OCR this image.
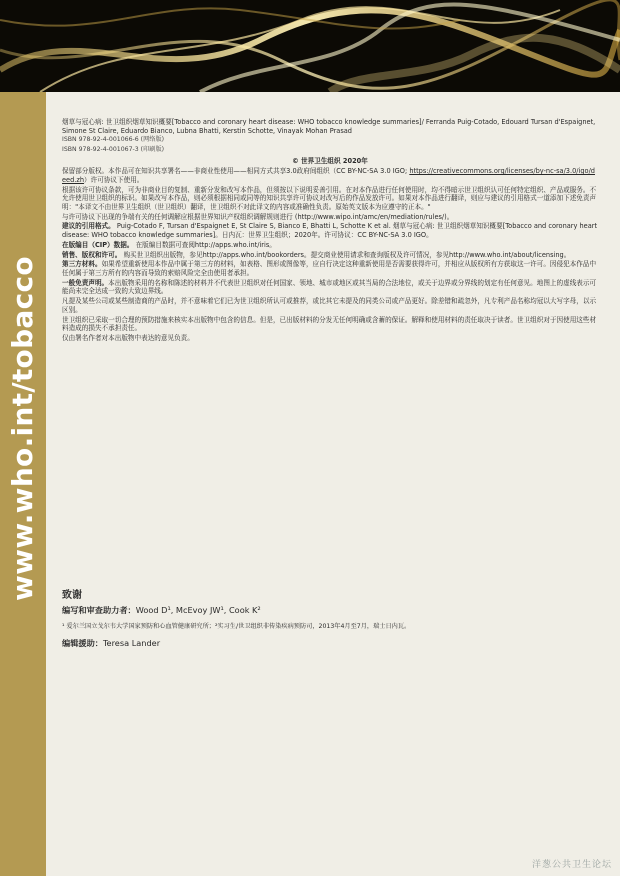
www.who.int/tobacco

烟草与冠心病: 世卫组织烟草知识概要[Tobacco and coronary heart disease: WHO tobacco knowledge summaries]/ Ferranda Puig-Cotado, Edouard Tursan d'Espaignet, Simone St Claire, Eduardo Bianco, Lubna Bhatti, Kerstin Schotte, Vinayak Mohan Prasad

ISBN 978-92-4-001066-6 (网络版)

ISBN 978-92-4-001067-3 (印刷版)

© 世界卫生组织 2020年

保留部分版权。本作品可在知识共享署名——非商业性使用——相同方式共享3.0政府间组织（CC BY-NC-SA 3.0 IGO; https://creativecommons.org/licenses/by-nc-sa/3.0/igo/deed.zh）许可协议下使用。

根据该许可协议条款，可为非商业目的复制、重新分发和改写本作品，但须按以下说明妥善引用。在对本作品进行任何使用时，均不得暗示世卫组织认可任何特定组织、产品或服务。不允许使用世卫组织的标识。如果改写本作品，则必须根据相同或同等的知识共享许可协议对改写后的作品发放许可。如果对本作品进行翻译，则应与建议的引用格式一道添加下述免责声明："本译文不由世界卫生组织（世卫组织）翻译，世卫组织不对此译文的内容或准确性负责。原始英文版本为应遵守的正本。"

与许可协议下出现的争端有关的任何调解应根据世界知识产权组织调解规则进行 (http://www.wipo.int/amc/en/mediation/rules/)。

建议的引用格式。 Puig-Cotado F, Tursan d'Espaignet E, St Claire S, Bianco E, Bhatti L, Schotte K et al. 烟草与冠心病: 世卫组织烟草知识概要[Tobacco and coronary heart disease: WHO tobacco knowledge summaries]。日内瓦：世界卫生组织；2020年。许可协议：CC BY-NC-SA 3.0 IGO。

在版编目（CIP）数据。 在版编目数据可查阅http://apps.who.int/iris。

销售、版权和许可。 购买世卫组织出版物，参见http://apps.who.int/bookorders。提交商业使用请求和查询版权及许可情况，参见http://www.who.int/about/licensing。

第三方材料。如果希望重新使用本作品中属于第三方的材料，如表格、图形或图像等，应自行决定这种重新使用是否需要获得许可，并相应从版权所有方获取这一许可。因侵犯本作品中任何属于第三方所有的内容而导致的索赔风险完全由使用者承担。

一般免责声明。本出版物采用的名称和陈述的材料并不代表世卫组织对任何国家、领地、城市或地区或其当局的合法地位，或关于边界或分界线的划定有任何意见。地图上的虚线表示可能尚未完全达成一致的大致边界线。

凡提及某些公司或某些制造商的产品时，并不意味着它们已为世卫组织所认可或推荐，或比其它未提及的同类公司或产品更好。除差错和疏忽外，凡专利产品名称均冠以大写字母，以示区别。

世卫组织已采取一切合理的预防措施来核实本出版物中包含的信息。但是，已出版材料的分发无任何明确或含蓄的保证。解释和使用材料的责任取决于读者。世卫组织对于因使用这些材料造成的损失不承担责任。

仅由署名作者对本出版物中表达的意见负责。

致谢
编写和审查助力者：Wood D¹, McEvoy JW¹, Cook K²
¹ 爱尔兰国立戈尔韦大学国家预防和心血管健康研究所；²实习生/世卫组织非传染疾病预防司，2013年4月至7月，瑞士日内瓦。
编辑援助：Teresa Lander
洋葱公共卫生论坛
